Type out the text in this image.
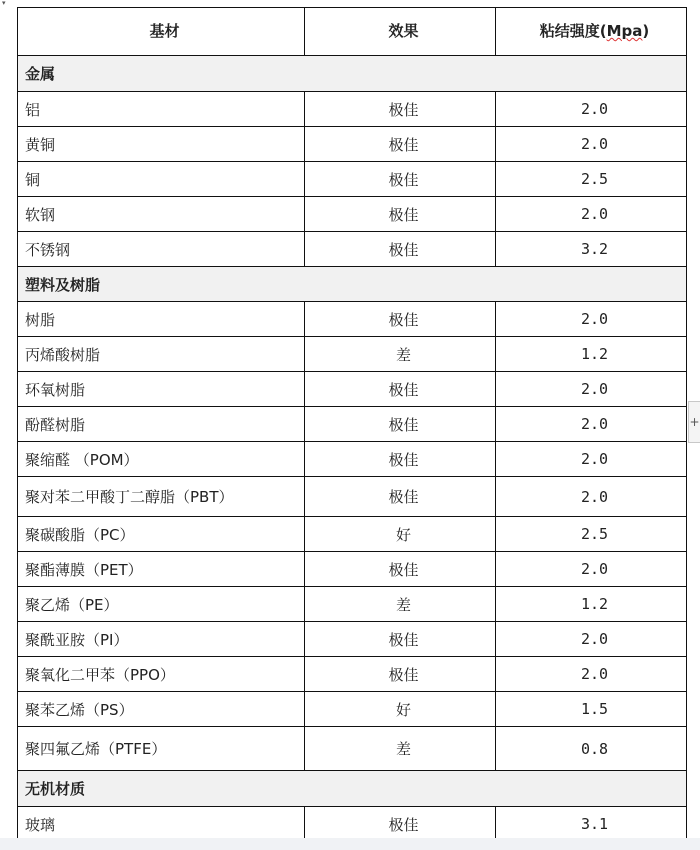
▾
基材	效果	粘结强度(Mpa)
金属		
铝	极佳	2.0
黄铜	极佳	2.0
铜	极佳	2.5
软钢	极佳	2.0
不锈钢	极佳	3.2
塑料及树脂		
树脂	极佳	2.0
丙烯酸树脂	差	1.2
环氧树脂	极佳	2.0
酚醛树脂	极佳	2.0
聚缩醛 （POM）	极佳	2.0
聚对苯二甲酸丁二醇脂（PBT）	极佳	2.0
聚碳酸脂（PC）	好	2.5
聚酯薄膜（PET）	极佳	2.0
聚乙烯（PE）	差	1.2
聚酰亚胺（PI）	极佳	2.0
聚氧化二甲苯（PPO）	极佳	2.0
聚苯乙烯（PS）	好	1.5
聚四氟乙烯（PTFE）	差	0.8
无机材质		
玻璃	极佳	3.1
+
